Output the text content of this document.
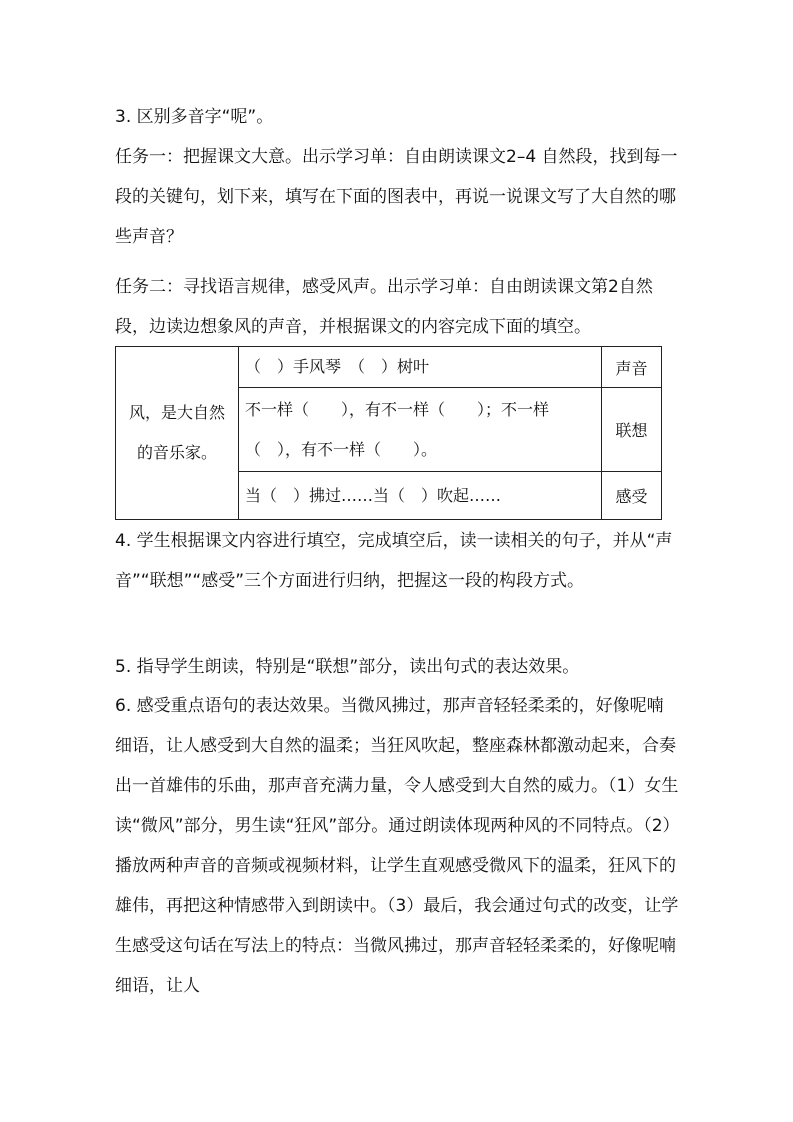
3. 区别多音字“呢”。

任务一：把握课文大意。出示学习单：自由朗读课文2–4 自然段，找到每一段的关键句，划下来，填写在下面的图表中，再说一说课文写了大自然的哪些声音？

任务二：寻找语言规律，感受风声。出示学习单：自由朗读课文第2自然段，边读边想象风的声音，并根据课文的内容完成下面的填空。

风，是大自然的音乐家。	（　）手风琴　（　）树叶	声音
	不一样（　　），有不一样（　　）；不一样（　），有不一样（　　）。	联想
	当（　）拂过……当（　）吹起……	感受

4. 学生根据课文内容进行填空，完成填空后，读一读相关的句子，并从“声音”“联想”“感受”三个方面进行归纳，把握这一段的构段方式。

5. 指导学生朗读，特别是“联想”部分，读出句式的表达效果。

6. 感受重点语句的表达效果。当微风拂过，那声音轻轻柔柔的，好像呢喃细语，让人感受到大自然的温柔；当狂风吹起，整座森林都激动起来，合奏出一首雄伟的乐曲，那声音充满力量，令人感受到大自然的威力。（1）女生读“微风”部分，男生读“狂风”部分。通过朗读体现两种风的不同特点。（2）播放两种声音的音频或视频材料，让学生直观感受微风下的温柔，狂风下的雄伟，再把这种情感带入到朗读中。（3）最后，我会通过句式的改变，让学生感受这句话在写法上的特点：当微风拂过，那声音轻轻柔柔的，好像呢喃细语，让人
